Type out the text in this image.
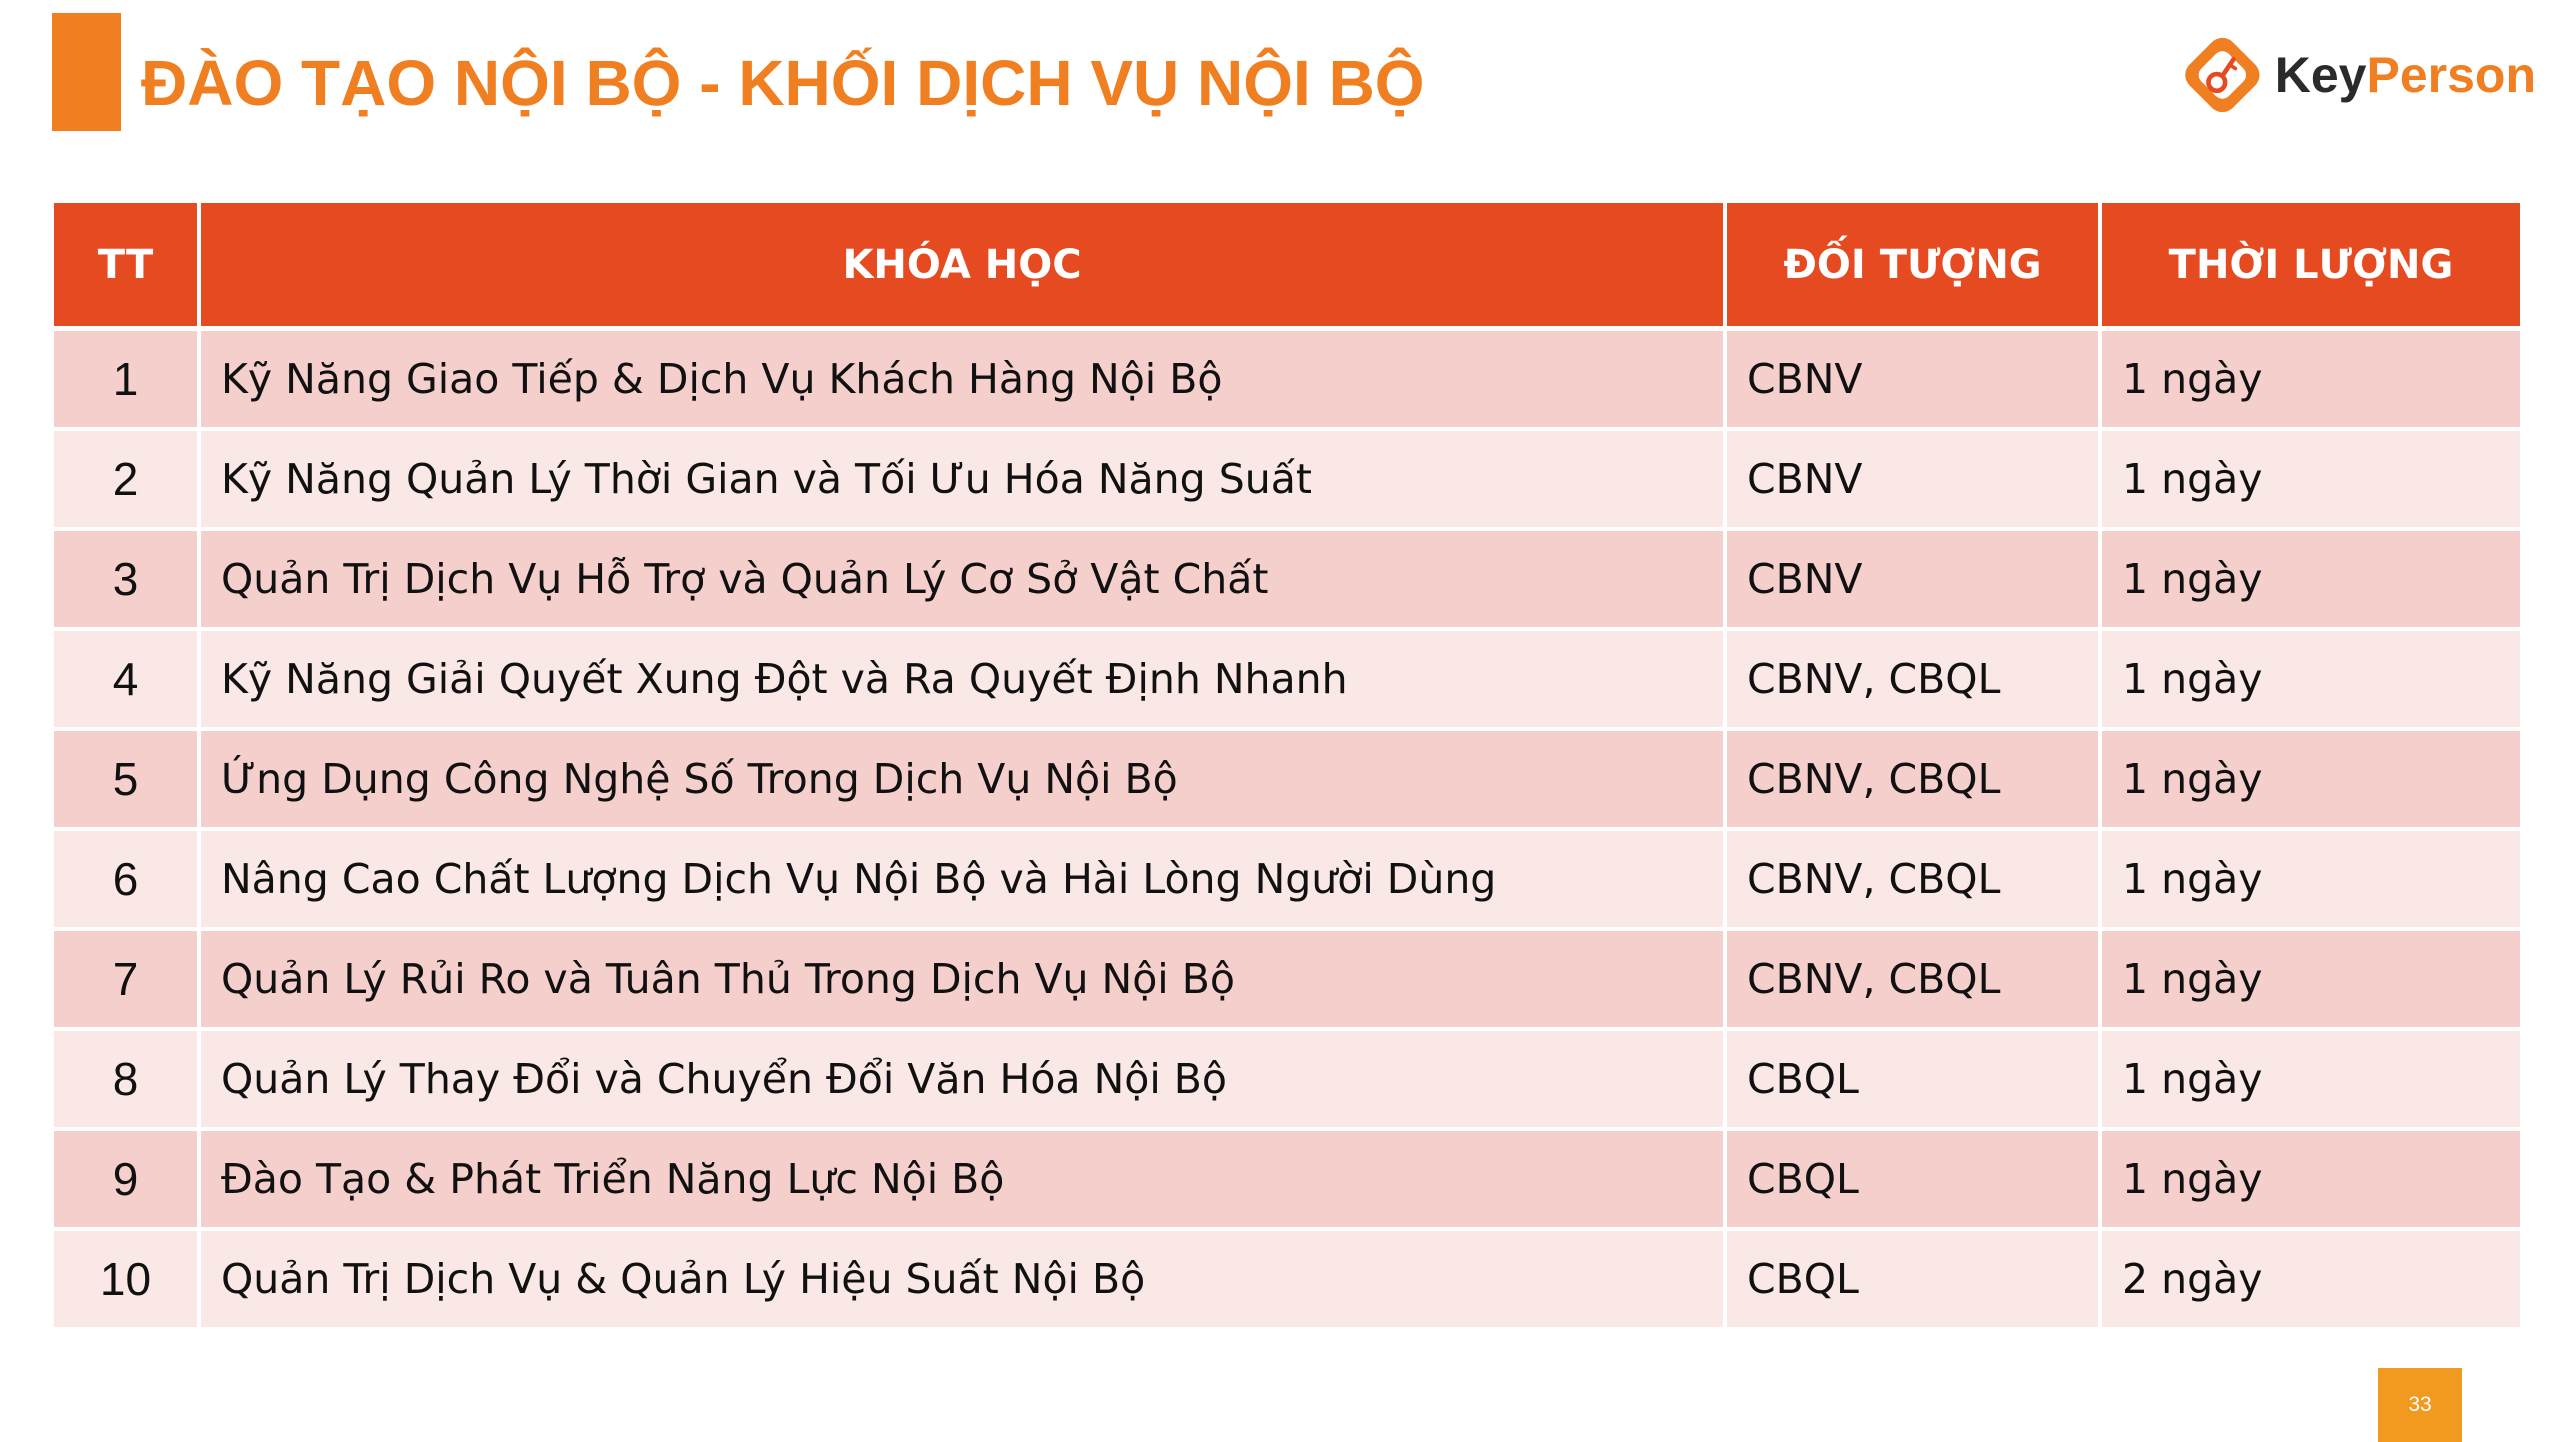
ĐÀO TẠO NỘI BỘ - KHỐI DỊCH VỤ NỘI BỘ	KeyPerson
TT	KHÓA HỌC	ĐỐI TƯỢNG	THỜI LƯỢNG
1	Kỹ Năng Giao Tiếp & Dịch Vụ Khách Hàng Nội Bộ	CBNV	1 ngày
2	Kỹ Năng Quản Lý Thời Gian và Tối Ưu Hóa Năng Suất	CBNV	1 ngày
3	Quản Trị Dịch Vụ Hỗ Trợ và Quản Lý Cơ Sở Vật Chất	CBNV	1 ngày
4	Kỹ Năng Giải Quyết Xung Đột và Ra Quyết Định Nhanh	CBNV, CBQL	1 ngày
5	Ứng Dụng Công Nghệ Số Trong Dịch Vụ Nội Bộ	CBNV, CBQL	1 ngày
6	Nâng Cao Chất Lượng Dịch Vụ Nội Bộ và Hài Lòng Người Dùng	CBNV, CBQL	1 ngày
7	Quản Lý Rủi Ro và Tuân Thủ Trong Dịch Vụ Nội Bộ	CBNV, CBQL	1 ngày
8	Quản Lý Thay Đổi và Chuyển Đổi Văn Hóa Nội Bộ	CBQL	1 ngày
9	Đào Tạo & Phát Triển Năng Lực Nội Bộ	CBQL	1 ngày
10	Quản Trị Dịch Vụ & Quản Lý Hiệu Suất Nội Bộ	CBQL	2 ngày
33
